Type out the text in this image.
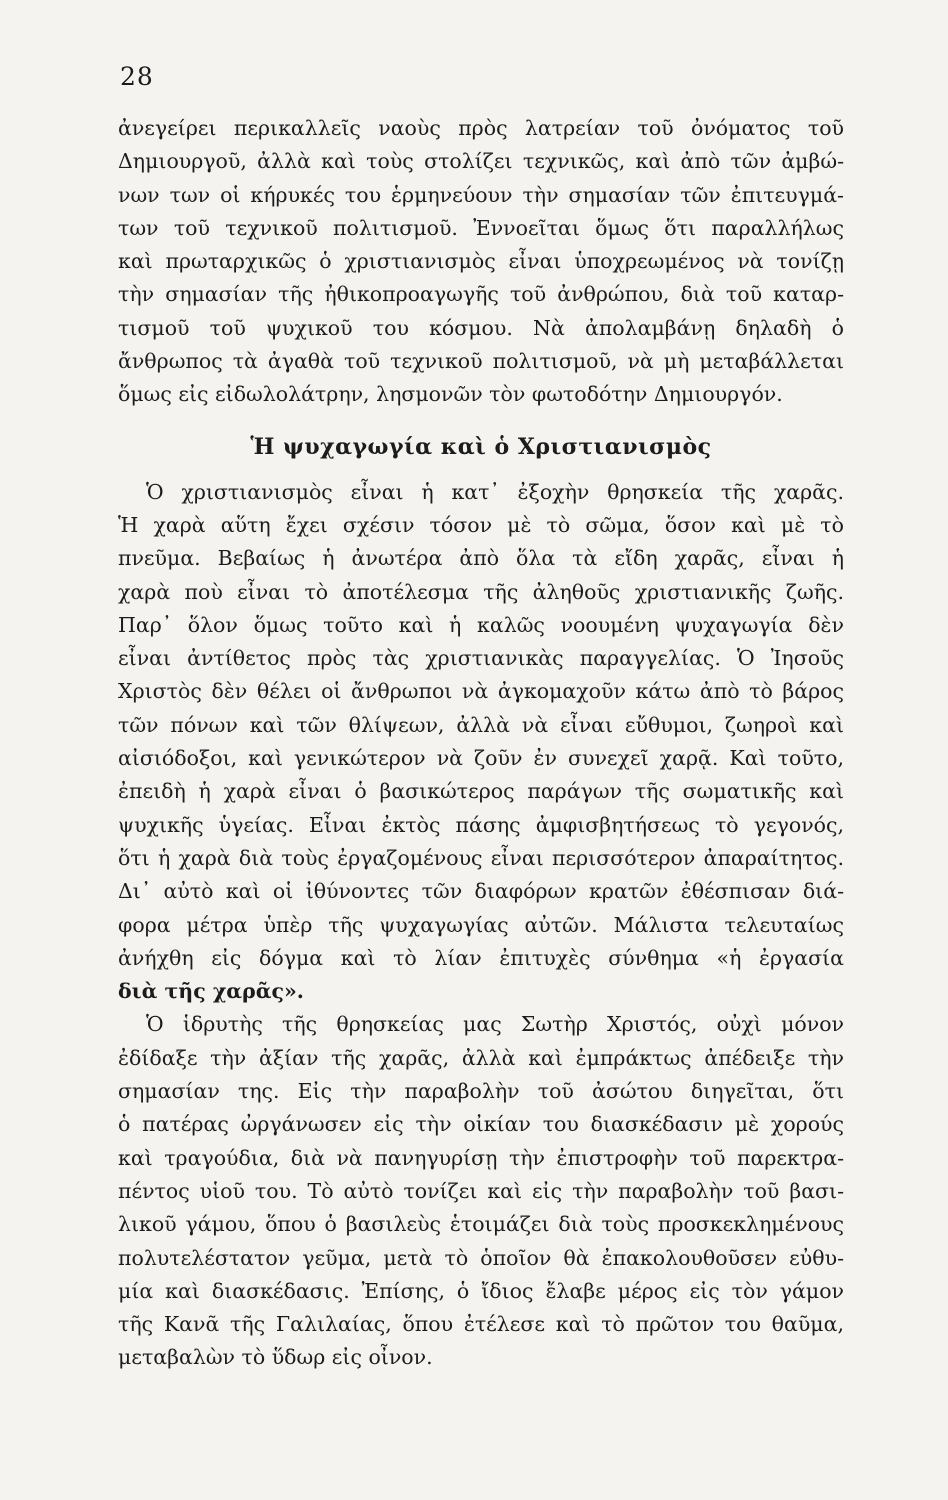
28
ἀνεγείρει περικαλλεῖς ναοὺς πρὸς λατρείαν τοῦ ὀνόματος τοῦ
Δημιουργοῦ, ἀλλὰ καὶ τοὺς στολίζει τεχνικῶς, καὶ ἀπὸ τῶν ἀμβώ-
νων των οἱ κήρυκές του ἑρμηνεύουν τὴν σημασίαν τῶν ἐπιτευγμά-
των τοῦ τεχνικοῦ πολιτισμοῦ. Ἐννοεῖται ὅμως ὅτι παραλλήλως
καὶ πρωταρχικῶς ὁ χριστιανισμὸς εἶναι ὑποχρεωμένος νὰ τονίζῃ
τὴν σημασίαν τῆς ἠθικοπροαγωγῆς τοῦ ἀνθρώπου, διὰ τοῦ καταρ-
τισμοῦ τοῦ ψυχικοῦ του κόσμου. Νὰ ἀπολαμβάνῃ δηλαδὴ ὁ
ἄνθρωπος τὰ ἀγαθὰ τοῦ τεχνικοῦ πολιτισμοῦ, νὰ μὴ μεταβάλλεται
ὅμως εἰς εἰδωλολάτρην, λησμονῶν τὸν φωτοδότην Δημιουργόν.
Ἡ ψυχαγωγία καὶ ὁ Χριστιανισμὸς
Ὁ χριστιανισμὸς εἶναι ἡ κατ᾽ ἐξοχὴν θρησκεία τῆς χαρᾶς.
Ἡ χαρὰ αὕτη ἔχει σχέσιν τόσον μὲ τὸ σῶμα, ὅσον καὶ μὲ τὸ
πνεῦμα. Βεβαίως ἡ ἀνωτέρα ἀπὸ ὅλα τὰ εἴδη χαρᾶς, εἶναι ἡ
χαρὰ ποὺ εἶναι τὸ ἀποτέλεσμα τῆς ἀληθοῦς χριστιανικῆς ζωῆς.
Παρ᾽ ὅλον ὅμως τοῦτο καὶ ἡ καλῶς νοουμένη ψυχαγωγία δὲν
εἶναι ἀντίθετος πρὸς τὰς χριστιανικὰς παραγγελίας. Ὁ Ἰησοῦς
Χριστὸς δὲν θέλει οἱ ἄνθρωποι νὰ ἀγκομαχοῦν κάτω ἀπὸ τὸ βάρος
τῶν πόνων καὶ τῶν θλίψεων, ἀλλὰ νὰ εἶναι εὔθυμοι, ζωηροὶ καὶ
αἰσιόδοξοι, καὶ γενικώτερον νὰ ζοῦν ἐν συνεχεῖ χαρᾷ. Καὶ τοῦτο,
ἐπειδὴ ἡ χαρὰ εἶναι ὁ βασικώτερος παράγων τῆς σωματικῆς καὶ
ψυχικῆς ὑγείας. Εἶναι ἐκτὸς πάσης ἀμφισβητήσεως τὸ γεγονός,
ὅτι ἡ χαρὰ διὰ τοὺς ἐργαζομένους εἶναι περισσότερον ἀπαραίτητος.
Δι᾽ αὐτὸ καὶ οἱ ἰθύνοντες τῶν διαφόρων κρατῶν ἐθέσπισαν διά-
φορα μέτρα ὑπὲρ τῆς ψυχαγωγίας αὐτῶν. Μάλιστα τελευταίως
ἀνήχθη εἰς δόγμα καὶ τὸ λίαν ἐπιτυχὲς σύνθημα «ἡ ἐργασία
διὰ τῆς χαρᾶς».
Ὁ ἱδρυτὴς τῆς θρησκείας μας Σωτὴρ Χριστός, οὐχὶ μόνον
ἐδίδαξε τὴν ἀξίαν τῆς χαρᾶς, ἀλλὰ καὶ ἐμπράκτως ἀπέδειξε τὴν
σημασίαν της. Εἰς τὴν παραβολὴν τοῦ ἀσώτου διηγεῖται, ὅτι
ὁ πατέρας ὠργάνωσεν εἰς τὴν οἰκίαν του διασκέδασιν μὲ χορούς
καὶ τραγούδια, διὰ νὰ πανηγυρίσῃ τὴν ἐπιστροφὴν τοῦ παρεκτρα-
πέντος υἱοῦ του. Τὸ αὐτὸ τονίζει καὶ εἰς τὴν παραβολὴν τοῦ βασι-
λικοῦ γάμου, ὅπου ὁ βασιλεὺς ἑτοιμάζει διὰ τοὺς προσκεκλημένους
πολυτελέστατον γεῦμα, μετὰ τὸ ὁποῖον θὰ ἐπακολουθοῦσεν εὐθυ-
μία καὶ διασκέδασις. Ἐπίσης, ὁ ἴδιος ἔλαβε μέρος εἰς τὸν γάμον
τῆς Κανᾶ τῆς Γαλιλαίας, ὅπου ἐτέλεσε καὶ τὸ πρῶτον του θαῦμα,
μεταβαλὼν τὸ ὕδωρ εἰς οἶνον.
